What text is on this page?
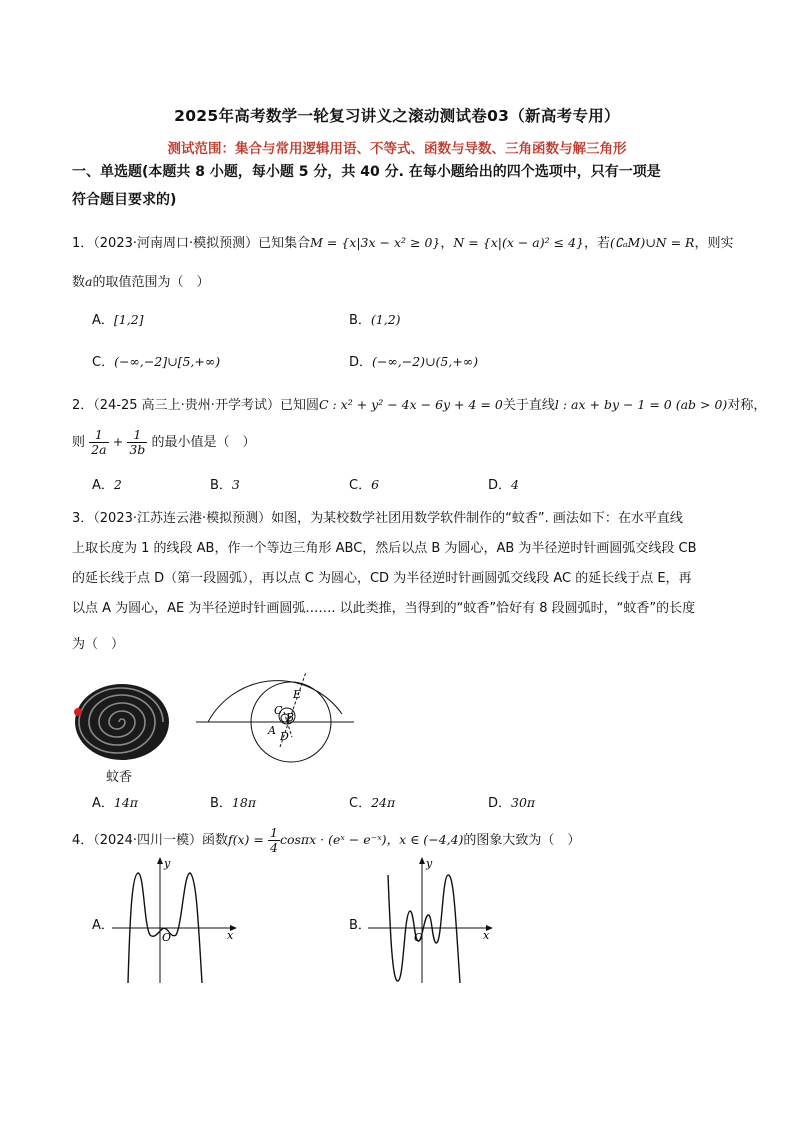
2025年高考数学一轮复习讲义之滚动测试卷03（新高考专用）
测试范围：集合与常用逻辑用语、不等式、函数与导数、三角函数与解三角形
一、单选题(本题共 8 小题，每小题 5 分，共 40 分. 在每小题给出的四个选项中，只有一项是
符合题目要求的)
1．（2023·河南周口·模拟预测）已知集合M = {x|3x − x² ≥ 0}，N = {x|(x − a)² ≤ 4}，若(∁ₐM)∪N = R，则实
数a的取值范围为（　）
A．[1,2]	B．(1,2)
C．(−∞,−2]∪[5,+∞)	D．(−∞,−2)∪(5,+∞)
2．（24-25 高三上·贵州·开学考试）已知圆C : x² + y² − 4x − 6y + 4 = 0关于直线l : ax + by − 1 = 0 (ab > 0)对称，
则 $\frac{1}{2a} + \frac{1}{3b}$ 的最小值是（　）
A．2	B．3	C．6	D．4
3．（2023·江苏连云港·模拟预测）如图，为某校数学社团用数学软件制作的“蚊香”. 画法如下：在水平直线
上取长度为 1 的线段 AB，作一个等边三角形 ABC，然后以点 B 为圆心，AB 为半径逆时针画圆弧交线段 CB
的延长线于点 D（第一段圆弧），再以点 C 为圆心，CD 为半径逆时针画圆弧交线段 AC 的延长线于点 E，再
以点 A 为圆心，AE 为半径逆时针画圆弧……. 以此类推，当得到的“蚊香”恰好有 8 段圆弧时，“蚊香”的长度
为（　）
蚊香
E
C
B
A D
A．14π	B．18π	C．24π	D．30π
4．（2024·四川一模）函数$f(x) = \frac{1}{4}$ cosπx · (eˣ − e⁻ˣ)，x ∈ (−4,4)的图象大致为（　）
A．
x
y
O
B．
x
y
O
